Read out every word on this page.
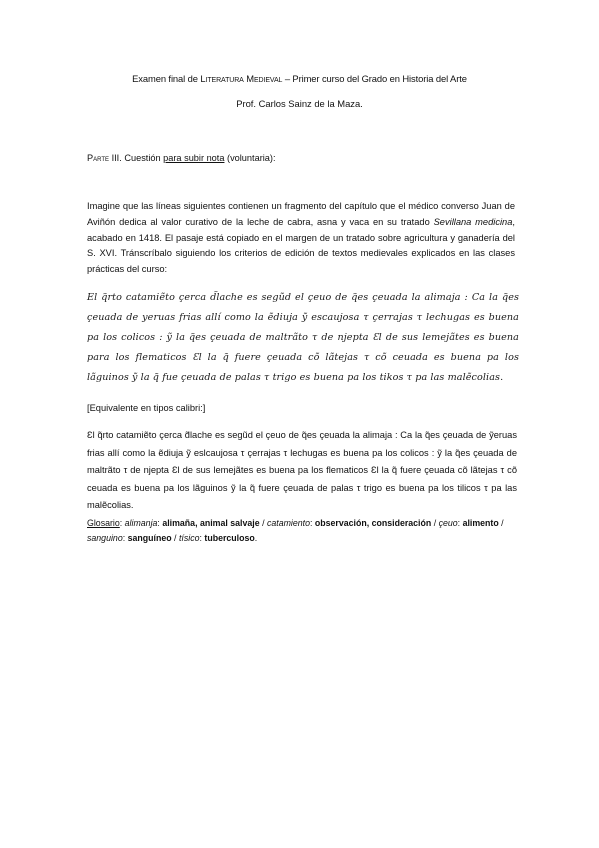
Examen final de Literatura Medieval – Primer curso del Grado en Historia del Arte
Prof. Carlos Sainz de la Maza.
Parte III. Cuestión para subir nota (voluntaria):

Imagine que las líneas siguientes contienen un fragmento del capítulo que el médico converso Juan de Aviñón dedica al valor curativo de la leche de cabra, asna y vaca en su tratado Sevillana medicina, acabado en 1418. El pasaje está copiado en el margen de un tratado sobre agricultura y ganadería del S. XVI. Tránscríbalo siguiendo los criterios de edición de textos medievales explicados en las clases prácticas del curso:

El q̃rto catamiẽto çerca d̃lache es segũd el çeuo de q̃es çeuada la alimaja : Ca la q̃es çeuada de yeruas frias allí como la ẽdiuja ỹ escaujosa τ çerrajas τ lechugas es buena pa los colicos : ỹ la q̃es çeuada de maltrãto τ de njepta Ɛl de sus lemejãtes es buena para los flematicos Ɛl la q̃ fuere çeuada cõ lãtejas τ cõ ceuada es buena pa los lãguinos ỹ la q̃ fue çeuada de palas τ trigo es buena pa los tikos τ pa las malẽcolias.
[Equivalente en tipos calibri:]
Ɛl q̃rto catamiẽto çerca d̃lache es segũd el çeuo de q̃es çeuada la alimaja : Ca la q̃es çeuada de ỹeruas frias allí como la ẽdiuja ỹ eslcaujosa τ çerrajas τ lechugas es buena pa los colicos : ỹ la q̃es çeuada de maltrãto τ de njepta Ɛl de sus lemejãtes es buena pa los flematicos Ɛl la q̃ fuere çeuada cõ lãtejas τ cõ ceuada es buena pa los lãguinos ỹ la q̃ fuere çeuada de palas τ trigo es buena pa los tilicos τ pa las malẽcolias.
Glosario: alimanja: alimaña, animal salvaje / catamiento: observación, consideración / çeuo: alimento / sanguino: sanguíneo / tísico: tuberculoso.
